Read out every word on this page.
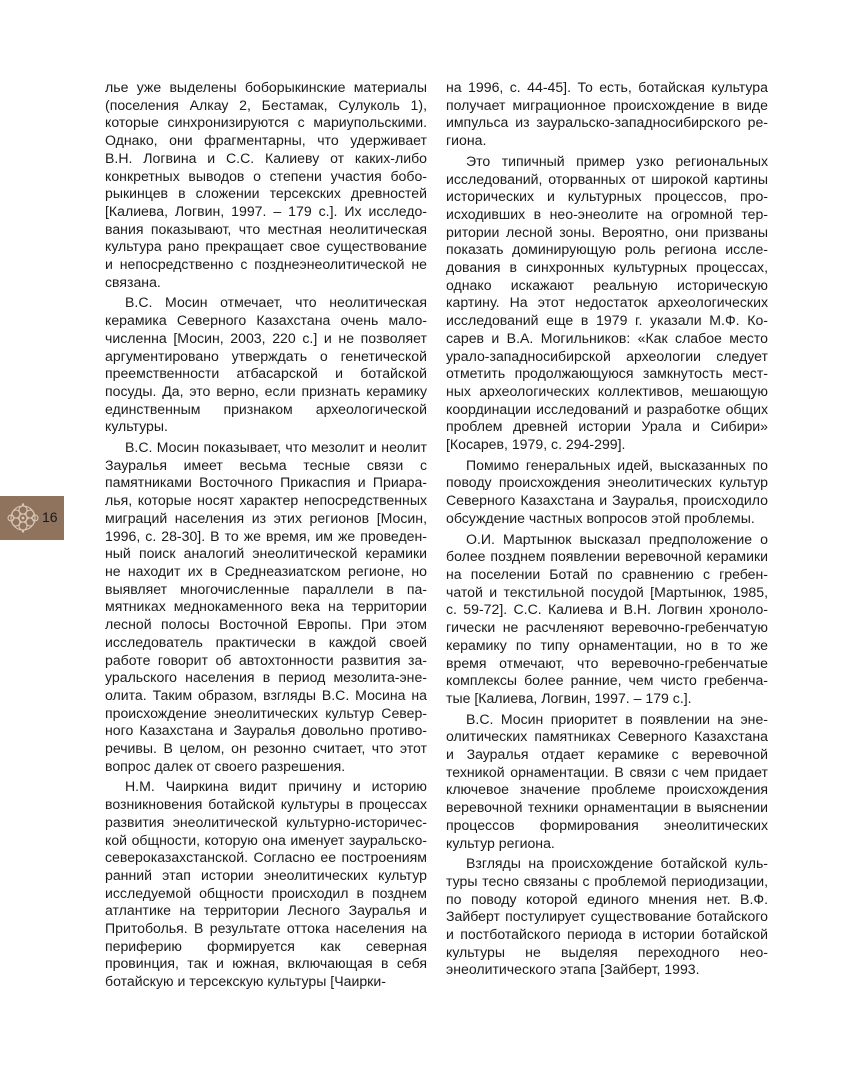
лье уже выделены боборыкинские материалы (поселения Алкау 2, Бестамак, Сулуколь 1), которые синхронизируются с мариупольскими. Однако, они фрагментарны, что удерживает В.Н. Логвина и С.С. Калиеву от каких-либо конкретных выводов о степени участия боборыкинцев в сложении терсекских древностей [Калиева, Логвин, 1997. – 179 с.]. Их исследования показывают, что местная неолитическая культура рано прекращает свое существование и непосредственно с позднеэнеолитической не связана.

В.С. Мосин отмечает, что неолитическая керамика Северного Казахстана очень малочисленна [Мосин, 2003, 220 с.] и не позволяет аргументировано утверждать о генетической преемственности атбасарской и ботайской посуды. Да, это верно, если признать керамику единственным признаком археологической культуры.

В.С. Мосин показывает, что мезолит и неолит Зауралья имеет весьма тесные связи с памятниками Восточного Прикаспия и Приаралья, которые носят характер непосредственных миграций населения из этих регионов [Мосин, 1996, с. 28-30]. В то же время, им же проведенный поиск аналогий энеолитической керамики не находит их в Среднеазиатском регионе, но выявляет многочисленные параллели в памятниках меднокаменного века на территории лесной полосы Восточной Европы. При этом исследователь практически в каждой своей работе говорит об автохтонности развития зауральского населения в период мезолита-энеолита. Таким образом, взгляды В.С. Мосина на происхождение энеолитических культур Северного Казахстана и Зауралья довольно противоречивы. В целом, он резонно считает, что этот вопрос далек от своего разрешения.

Н.М. Чаиркина видит причину и историю возникновения ботайской культуры в процессах развития энеолитической культурно-исторической общности, которую она именует зауральско-североказахстанской. Согласно ее построениям ранний этап истории энеолитических культур исследуемой общности происходил в позднем атлантике на территории Лесного Зауралья и Притоболья. В результате оттока населения на периферию формируется как северная провинция, так и южная, включающая в себя ботайскую и терсекскую культуры [Чаирки-

на 1996, с. 44-45]. То есть, ботайская культура получает миграционное происхождение в виде импульса из зауральско-западносибирского региона.

Это типичный пример узко региональных исследований, оторванных от широкой картины исторических и культурных процессов, происходивших в нео-энеолите на огромной территории лесной зоны. Вероятно, они призваны показать доминирующую роль региона исследования в синхронных культурных процессах, однако искажают реальную историческую картину. На этот недостаток археологических исследований еще в 1979 г. указали М.Ф. Косарев и В.А. Могильников: «Как слабое место урало-западносибирской археологии следует отметить продолжающуюся замкнутость местных археологических коллективов, мешающую координации исследований и разработке общих проблем древней истории Урала и Сибири» [Косарев, 1979, с. 294-299].

Помимо генеральных идей, высказанных по поводу происхождения энеолитических культур Северного Казахстана и Зауралья, происходило обсуждение частных вопросов этой проблемы.

О.И. Мартынюк высказал предположение о более позднем появлении веревочной керамики на поселении Ботай по сравнению с гребенчатой и текстильной посудой [Мартынюк, 1985, с. 59-72]. С.С. Калиева и В.Н. Логвин хронологически не расчленяют веревочно-гребенчатую керамику по типу орнаментации, но в то же время отмечают, что веревочно-гребенчатые комплексы более ранние, чем чисто гребенчатые [Калиева, Логвин, 1997. – 179 с.].

В.С. Мосин приоритет в появлении на энеолитических памятниках Северного Казахстана и Зауралья отдает керамике с веревочной техникой орнаментации. В связи с чем придает ключевое значение проблеме происхождения веревочной техники орнаментации в выяснении процессов формирования энеолитических культур региона.

Взгляды на происхождение ботайской культуры тесно связаны с проблемой периодизации, по поводу которой единого мнения нет. В.Ф. Зайберт постулирует существование ботайского и постботайского периода в истории ботайской культуры не выделяя переходного нео-энеолитического этапа [Зайберт, 1993.

16
